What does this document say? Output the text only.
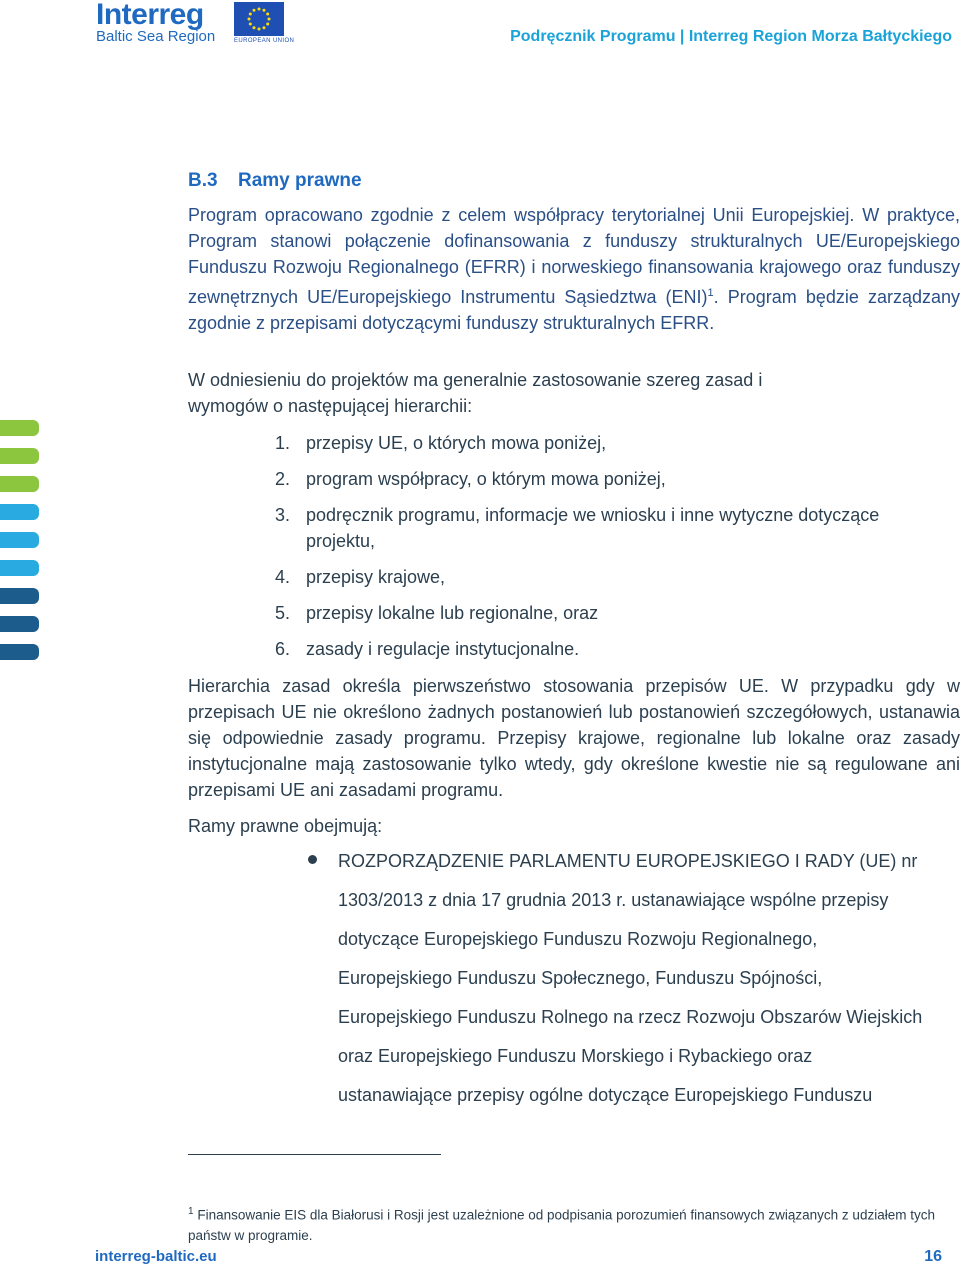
Interreg
Baltic Sea Region	EUROPEAN UNION	Podręcznik Programu | Interreg Region Morza Bałtyckiego
B.3 Ramy prawne
Program opracowano zgodnie z celem współpracy terytorialnej Unii Europejskiej. W praktyce, Program stanowi połączenie dofinansowania z funduszy strukturalnych UE/Europejskiego Funduszu Rozwoju Regionalnego (EFRR) i norweskiego finansowania krajowego oraz funduszy zewnętrznych UE/Europejskiego Instrumentu Sąsiedztwa (ENI)$^1$. Program będzie zarządzany zgodnie z przepisami dotyczącymi funduszy strukturalnych EFRR.
W odniesieniu do projektów ma generalnie zastosowanie szereg zasad i wymogów o następującej hierarchii:
1. przepisy UE, o których mowa poniżej,
2. program współpracy, o którym mowa poniżej,
3. podręcznik programu, informacje we wniosku i inne wytyczne dotyczące projektu,
4. przepisy krajowe,
5. przepisy lokalne lub regionalne, oraz
6. zasady i regulacje instytucjonalne.
Hierarchia zasad określa pierwszeństwo stosowania przepisów UE. W przypadku gdy w przepisach UE nie określono żadnych postanowień lub postanowień szczegółowych, ustanawia się odpowiednie zasady programu. Przepisy krajowe, regionalne lub lokalne oraz zasady instytucjonalne mają zastosowanie tylko wtedy, gdy określone kwestie nie są regulowane ani przepisami UE ani zasadami programu.
Ramy prawne obejmują:
ROZPORZĄDZENIE PARLAMENTU EUROPEJSKIEGO I RADY (UE) nr
1303/2013 z dnia 17 grudnia 2013 r. ustanawiające wspólne przepisy
dotyczące Europejskiego Funduszu Rozwoju Regionalnego,
Europejskiego Funduszu Społecznego, Funduszu Spójności,
Europejskiego Funduszu Rolnego na rzecz Rozwoju Obszarów Wiejskich
oraz Europejskiego Funduszu Morskiego i Rybackiego oraz
ustanawiające przepisy ogólne dotyczące Europejskiego Funduszu
$^1$ Finansowanie EIS dla Białorusi i Rosji jest uzależnione od podpisania porozumień finansowych związanych z udziałem tych państw w programie.
interreg-baltic.eu	16
